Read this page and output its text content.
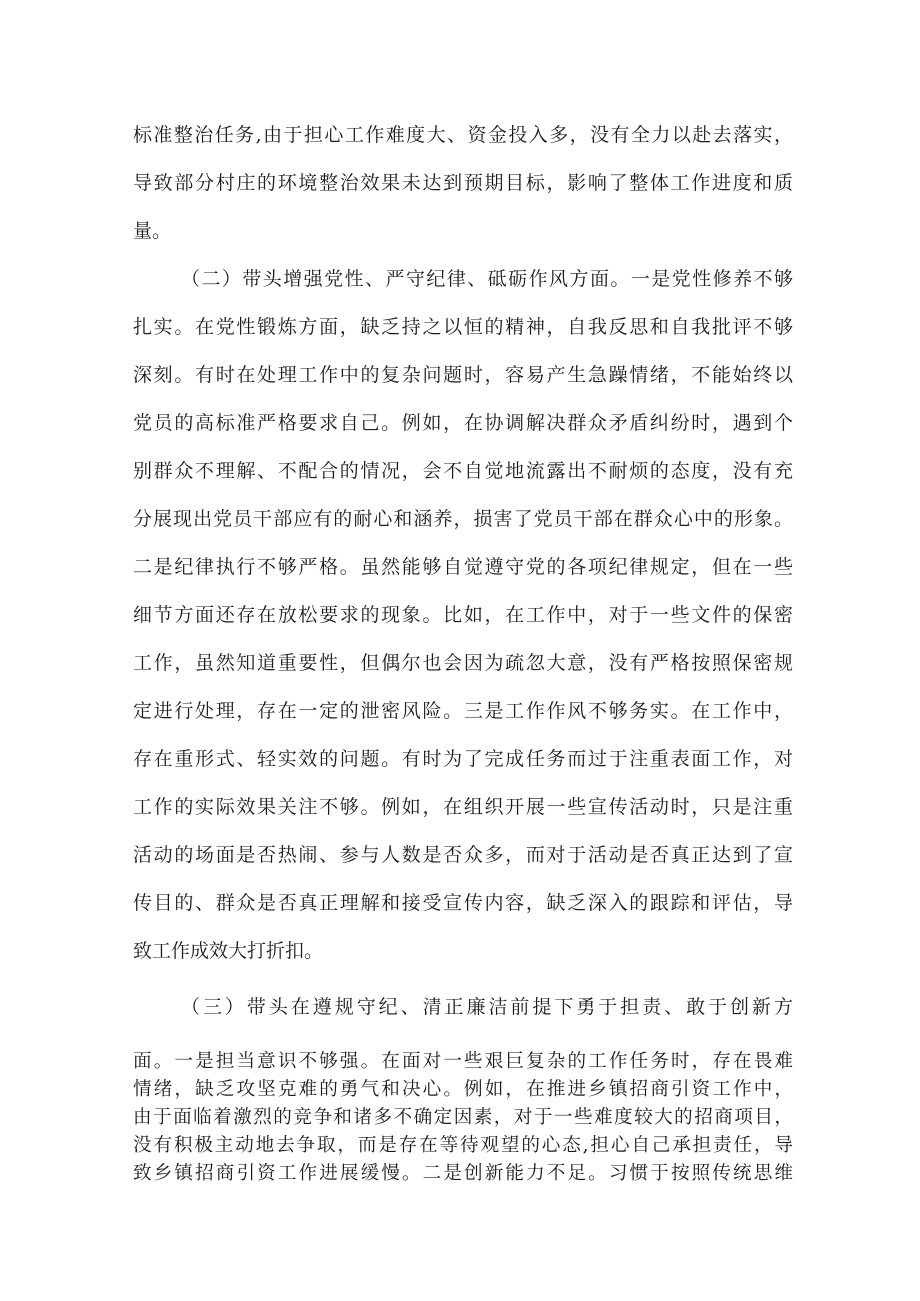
标准整治任务,由于担心工作难度大、资金投入多，没有全力以赴去落实，

导致部分村庄的环境整治效果未达到预期目标，影响了整体工作进度和质

量。

（二）带头增强党性、严守纪律、砥砺作风方面。一是党性修养不够

扎实。在党性锻炼方面，缺乏持之以恒的精神，自我反思和自我批评不够

深刻。有时在处理工作中的复杂问题时，容易产生急躁情绪，不能始终以

党员的高标准严格要求自己。例如，在协调解决群众矛盾纠纷时，遇到个

别群众不理解、不配合的情况，会不自觉地流露出不耐烦的态度，没有充

分展现出党员干部应有的耐心和涵养，损害了党员干部在群众心中的形象。

二是纪律执行不够严格。虽然能够自觉遵守党的各项纪律规定，但在一些

细节方面还存在放松要求的现象。比如，在工作中，对于一些文件的保密

工作，虽然知道重要性，但偶尔也会因为疏忽大意，没有严格按照保密规

定进行处理，存在一定的泄密风险。三是工作作风不够务实。在工作中，

存在重形式、轻实效的问题。有时为了完成任务而过于注重表面工作，对

工作的实际效果关注不够。例如，在组织开展一些宣传活动时，只是注重

活动的场面是否热闹、参与人数是否众多，而对于活动是否真正达到了宣

传目的、群众是否真正理解和接受宣传内容，缺乏深入的跟踪和评估，导

致工作成效大打折扣。

（三）带头在遵规守纪、清正廉洁前提下勇于担责、敢于创新方

面。一是担当意识不够强。在面对一些艰巨复杂的工作任务时，存在畏难

情绪，缺乏攻坚克难的勇气和决心。例如，在推进乡镇招商引资工作中，

由于面临着激烈的竞争和诸多不确定因素，对于一些难度较大的招商项目，

没有积极主动地去争取，而是存在等待观望的心态,担心自己承担责任，导

致乡镇招商引资工作进展缓慢。二是创新能力不足。习惯于按照传统思维
